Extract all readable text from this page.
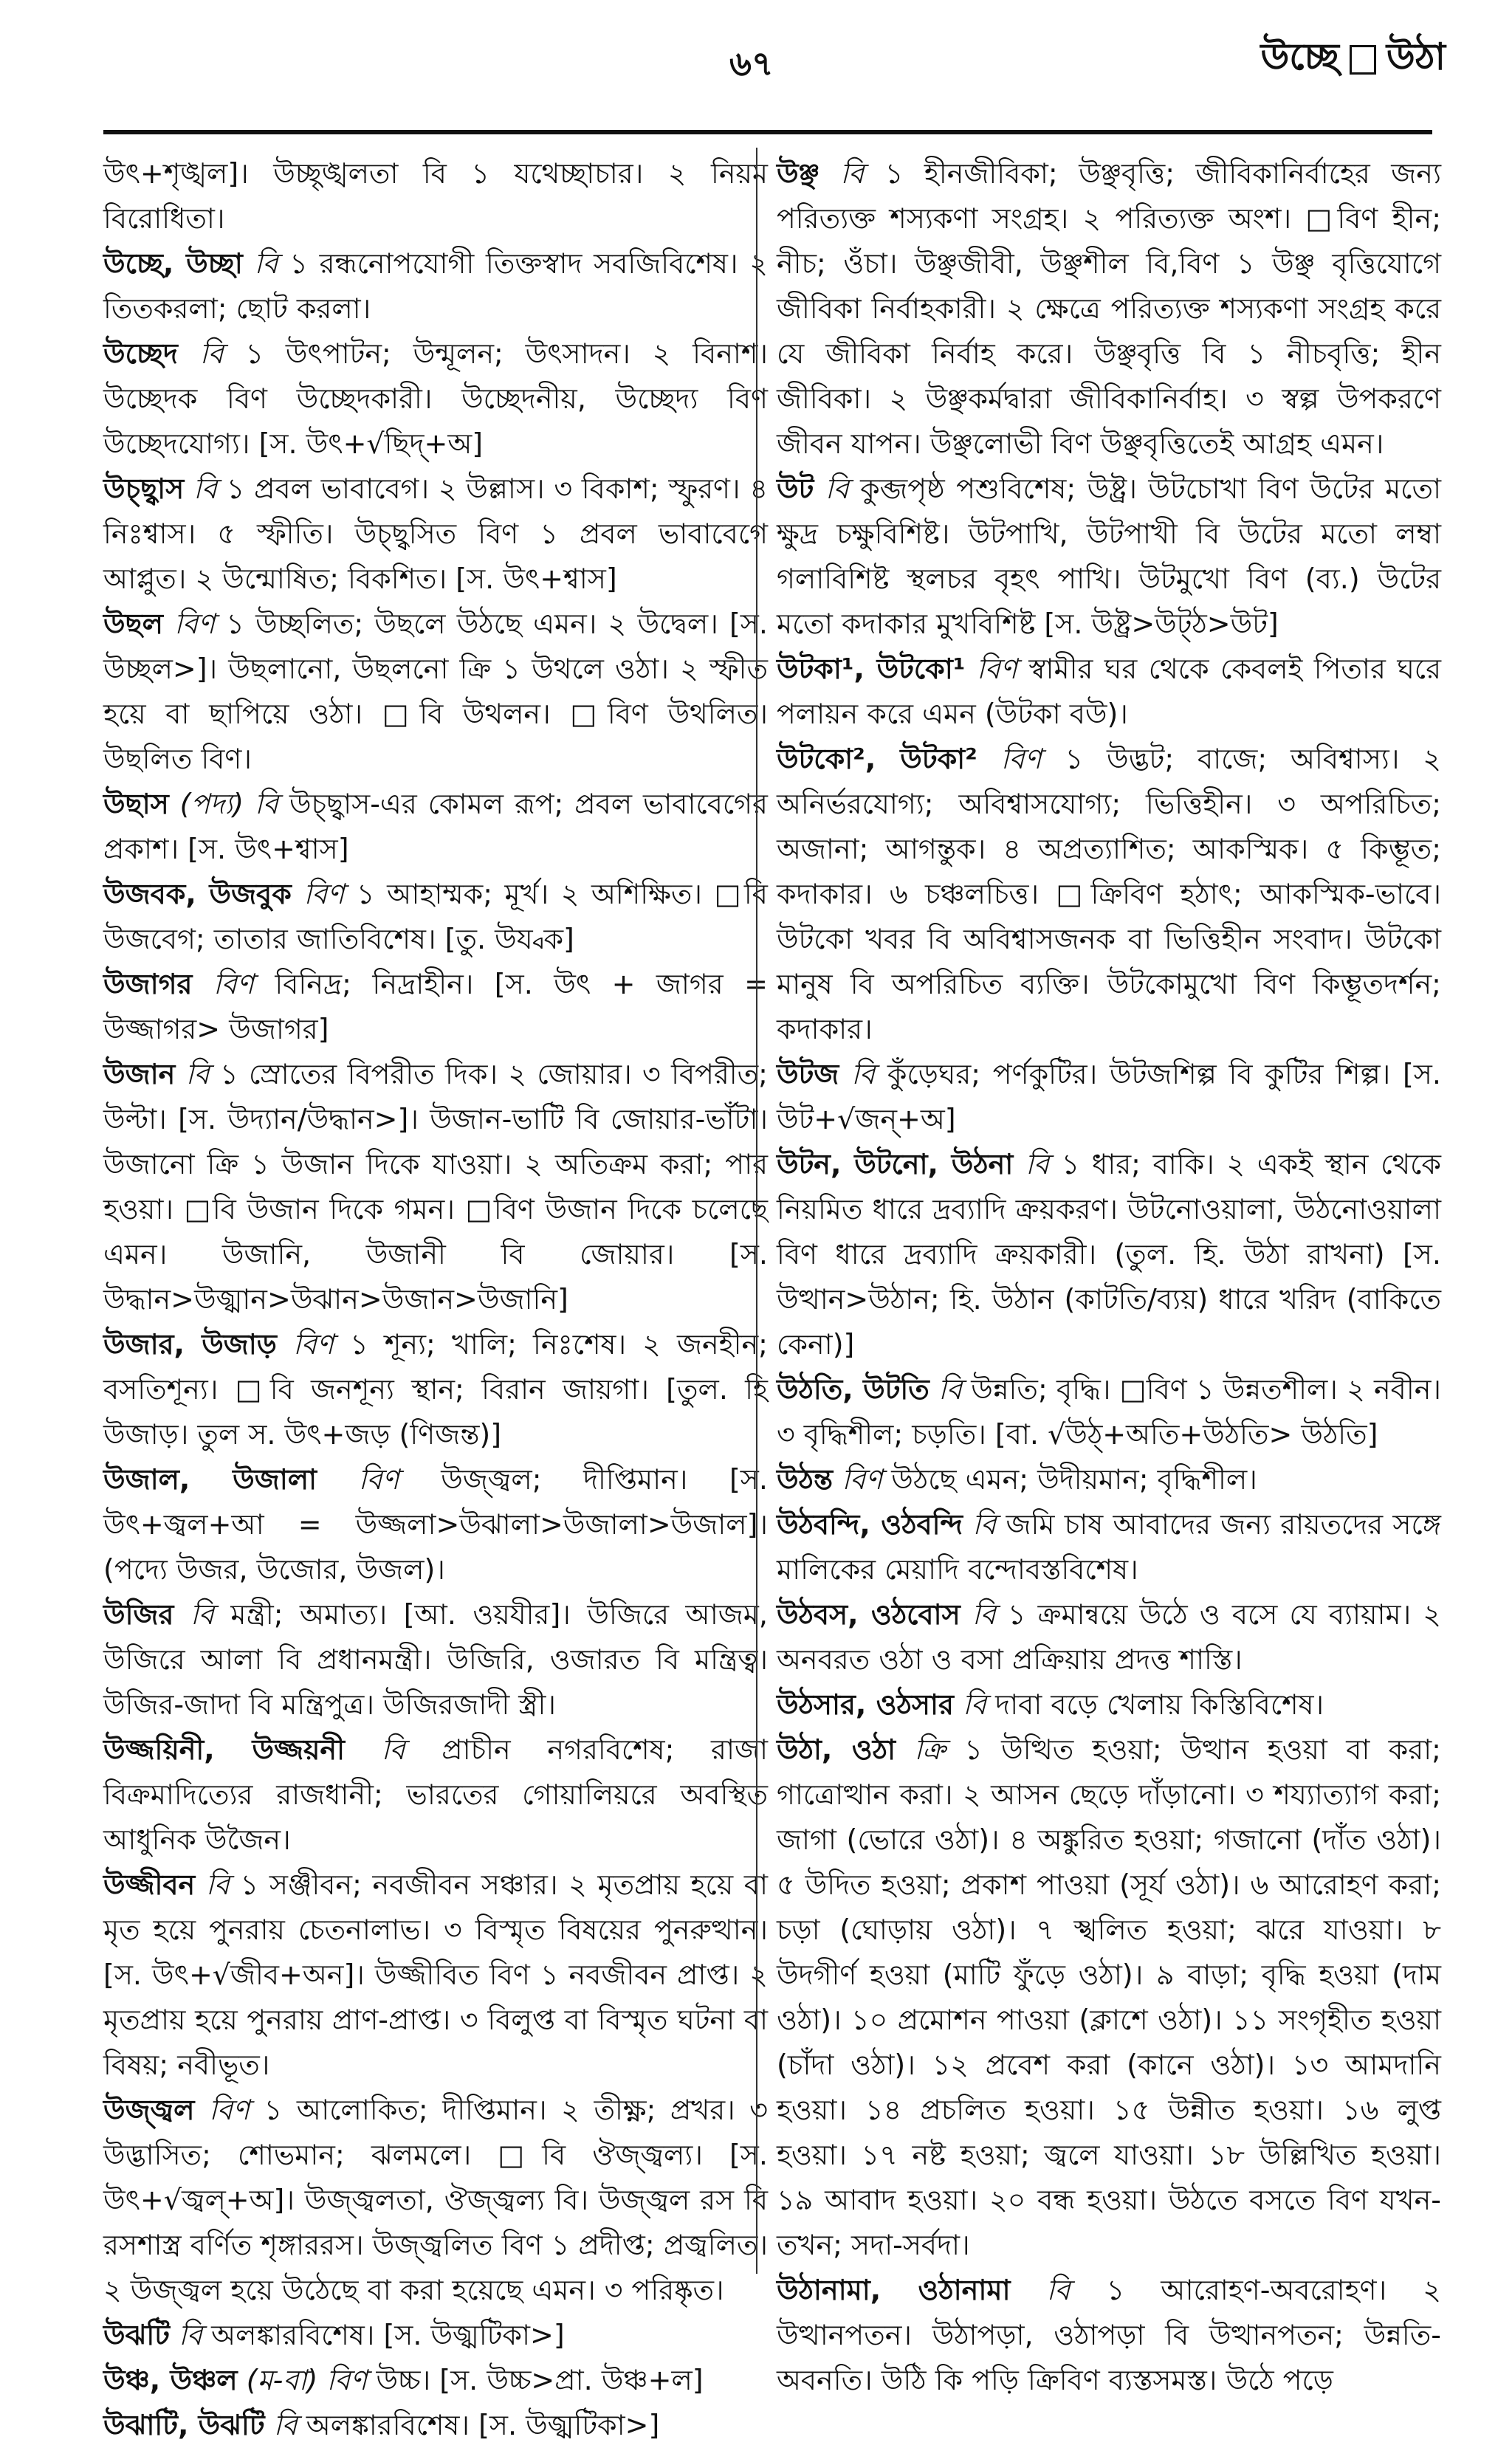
৬৭	উচ্ছে উঠা

উৎ+শৃঙ্খল]। উচ্ছৃঙ্খলতা বি ১ যথেচ্ছাচার। ২ নিয়ম বিরোধিতা।

উচ্ছে, উচ্ছা বি ১ রন্ধনোপযোগী তিক্তস্বাদ সবজিবিশেষ। ২ তিতকরলা; ছোট করলা।

উচ্ছেদ বি ১ উৎপাটন; উন্মূলন; উৎসাদন। ২ বিনাশ। উচ্ছেদক বিণ উচ্ছেদকারী। উচ্ছেদনীয়, উচ্ছেদ্য বিণ উচ্ছেদযোগ্য। [স. উৎ+√ছিদ্+অ]

উচ্ছ্বাস বি ১ প্রবল ভাবাবেগ। ২ উল্লাস। ৩ বিকাশ; স্ফুরণ। ৪ নিঃশ্বাস। ৫ স্ফীতি। উচ্ছ্বসিত বিণ ১ প্রবল ভাবাবেগে আপ্লুত। ২ উন্মোষিত; বিকশিত। [স. উৎ+শ্বাস]

উছল বিণ ১ উচ্ছলিত; উছলে উঠছে এমন। ২ উদ্বেল। [স. উচ্ছল>]। উছলানো, উছলনো ক্রি ১ উথলে ওঠা। ২ স্ফীত হয়ে বা ছাপিয়ে ওঠা। □বি উথলন। □বিণ উথলিত। উছলিত বিণ।

উছাস (পদ্য) বি উচ্ছ্বাস-এর কোমল রূপ; প্রবল ভাবাবেগের প্রকাশ। [স. উৎ+শ্বাস]

উজবক, উজবুক বিণ ১ আহাম্মক; মূর্খ। ২ অশিক্ষিত। □বি উজবেগ; তাতার জাতিবিশেষ। [তু. উয্বক]

উজাগর বিণ বিনিদ্র; নিদ্রাহীন। [স. উৎ + জাগর = উজ্জাগর> উজাগর]

উজান বি ১ স্রোতের বিপরীত দিক। ২ জোয়ার। ৩ বিপরীত; উল্টা। [স. উদ্যান/উদ্ধান>]। উজান-ভাটি বি জোয়ার-ভাঁটা। উজানো ক্রি ১ উজান দিকে যাওয়া। ২ অতিক্রম করা; পার হওয়া। □বি উজান দিকে গমন। □বিণ উজান দিকে চলেছে এমন। উজানি, উজানী বি জোয়ার। [স. উদ্ধান>উজ্ঝান>উঝান>উজান>উজানি]

উজার, উজাড় বিণ ১ শূন্য; খালি; নিঃশেষ। ২ জনহীন; বসতিশূন্য। □বি জনশূন্য স্থান; বিরান জায়গা। [তুল. হি উজাড়। তুল স. উৎ+জড় (ণিজন্ত)]

উজাল, উজালা বিণ উজ্জ্বল; দীপ্তিমান। [স. উৎ+জ্বল+আ = উজ্জলা>উঝালা>উজালা>উজাল]। (পদ্যে উজর, উজোর, উজল)।

উজির বি মন্ত্রী; অমাত্য। [আ. ওয়যীর]। উজিরে আজম, উজিরে আলা বি প্রধানমন্ত্রী। উজিরি, ওজারত বি মন্ত্রিত্ব। উজির-জাদা বি মন্ত্রিপুত্র। উজিরজাদী স্ত্রী।

উজ্জয়িনী, উজ্জয়নী বি প্রাচীন নগরবিশেষ; রাজা বিক্রমাদিত্যের রাজধানী; ভারতের গোয়ালিয়রে অবস্থিত আধুনিক উজৈন।

উজ্জীবন বি ১ সঞ্জীবন; নবজীবন সঞ্চার। ২ মৃতপ্রায় হয়ে বা মৃত হয়ে পুনরায় চেতনালাভ। ৩ বিস্মৃত বিষয়ের পুনরুত্থান। [স. উৎ+√জীব+অন]। উজ্জীবিত বিণ ১ নবজীবন প্রাপ্ত। ২ মৃতপ্রায় হয়ে পুনরায় প্রাণ-প্রাপ্ত। ৩ বিলুপ্ত বা বিস্মৃত ঘটনা বা বিষয়; নবীভূত।

উজ্জ্বল বিণ ১ আলোকিত; দীপ্তিমান। ২ তীক্ষ্ণ; প্রখর। ৩ উদ্ভাসিত; শোভমান; ঝলমলে। □বি ঔজ্জ্বল্য। [স. উৎ+√জ্বল্+অ]। উজ্জ্বলতা, ঔজ্জ্বল্য বি। উজ্জ্বল রস বি রসশাস্ত্র বর্ণিত শৃঙ্গাররস। উজ্জ্বলিত বিণ ১ প্রদীপ্ত; প্রজ্বলিত। ২ উজ্জ্বল হয়ে উঠেছে বা করা হয়েছে এমন। ৩ পরিষ্কৃত।

উঝটি বি অলঙ্কারবিশেষ। [স. উজ্ঝটিকা>]

উঞ্চ, উঞ্চল (ম-বা) বিণ উচ্চ। [স. উচ্চ>প্রা. উঞ্চ+ল]

উঝাটি, উঝটি বি অলঙ্কারবিশেষ। [স. উজ্ঝটিকা>]

উঞ্ছ বি ১ হীনজীবিকা; উঞ্ছবৃত্তি; জীবিকানির্বাহের জন্য পরিত্যক্ত শস্যকণা সংগ্রহ। ২ পরিত্যক্ত অংশ। □বিণ হীন; নীচ; ওঁচা। উঞ্ছজীবী, উঞ্ছশীল বি,বিণ ১ উঞ্ছ বৃত্তিযোগে জীবিকা নির্বাহকারী। ২ ক্ষেত্রে পরিত্যক্ত শস্যকণা সংগ্রহ করে যে জীবিকা নির্বাহ করে। উঞ্ছবৃত্তি বি ১ নীচবৃত্তি; হীন জীবিকা। ২ উঞ্ছকর্মদ্বারা জীবিকানির্বাহ। ৩ স্বল্প উপকরণে জীবন যাপন। উঞ্ছলোভী বিণ উঞ্ছবৃত্তিতেই আগ্রহ এমন।

উট বি কুব্জপৃষ্ঠ পশুবিশেষ; উষ্ট্র। উটচোখা বিণ উটের মতো ক্ষুদ্র চক্ষুবিশিষ্ট। উটপাখি, উটপাখী বি উটের মতো লম্বা গলাবিশিষ্ট স্থলচর বৃহৎ পাখি। উটমুখো বিণ (ব্য.) উটের মতো কদাকার মুখবিশিষ্ট [স. উষ্ট্র>উট্‌ঠ>উট]

উটকা¹, উটকো¹ বিণ স্বামীর ঘর থেকে কেবলই পিতার ঘরে পলায়ন করে এমন (উটকা বউ)।

উটকো², উটকা² বিণ ১ উদ্ভট; বাজে; অবিশ্বাস্য। ২ অনির্ভরযোগ্য; অবিশ্বাসযোগ্য; ভিত্তিহীন। ৩ অপরিচিত; অজানা; আগন্তুক। ৪ অপ্রত্যাশিত; আকস্মিক। ৫ কিম্ভূত; কদাকার। ৬ চঞ্চলচিত্ত। □ক্রিবিণ হঠাৎ; আকস্মিক-ভাবে। উটকো খবর বি অবিশ্বাসজনক বা ভিত্তিহীন সংবাদ। উটকো মানুষ বি অপরিচিত ব্যক্তি। উটকোমুখো বিণ কিম্ভূতদর্শন; কদাকার।

উটজ বি কুঁড়েঘর; পর্ণকুটির। উটজশিল্প বি কুটির শিল্প। [স. উট+√জন্+অ]

উটন, উটনো, উঠনা বি ১ ধার; বাকি। ২ একই স্থান থেকে নিয়মিত ধারে দ্রব্যাদি ক্রয়করণ। উটনোওয়ালা, উঠনোওয়ালা বিণ ধারে দ্রব্যাদি ক্রয়কারী। (তুল. হি. উঠা রাখনা) [স. উত্থান>উঠান; হি. উঠান (কাটতি/ব্যয়) ধারে খরিদ (বাকিতে কেনা)]

উঠতি, উটতি বি উন্নতি; বৃদ্ধি। □বিণ ১ উন্নতশীল। ২ নবীন। ৩ বৃদ্ধিশীল; চড়তি। [বা. √উঠ্+অতি+উঠতি> উঠতি]

উঠন্ত বিণ উঠছে এমন; উদীয়মান; বৃদ্ধিশীল।

উঠবন্দি, ওঠবন্দি বি জমি চাষ আবাদের জন্য রায়তদের সঙ্গে মালিকের মেয়াদি বন্দোবস্তবিশেষ।

উঠবস, ওঠবোস বি ১ ক্রমান্বয়ে উঠে ও বসে যে ব্যায়াম। ২ অনবরত ওঠা ও বসা প্রক্রিয়ায় প্রদত্ত শাস্তি।

উঠসার, ওঠসার বি দাবা বড়ে খেলায় কিস্তিবিশেষ।

উঠা, ওঠা ক্রি ১ উত্থিত হওয়া; উত্থান হওয়া বা করা; গাত্রোত্থান করা। ২ আসন ছেড়ে দাঁড়ানো। ৩ শয্যাত্যাগ করা; জাগা (ভোরে ওঠা)। ৪ অঙ্কুরিত হওয়া; গজানো (দাঁত ওঠা)। ৫ উদিত হওয়া; প্রকাশ পাওয়া (সূর্য ওঠা)। ৬ আরোহণ করা; চড়া (ঘোড়ায় ওঠা)। ৭ স্খলিত হওয়া; ঝরে যাওয়া। ৮ উদগীর্ণ হওয়া (মাটি ফুঁড়ে ওঠা)। ৯ বাড়া; বৃদ্ধি হওয়া (দাম ওঠা)। ১০ প্রমোশন পাওয়া (ক্লাশে ওঠা)। ১১ সংগৃহীত হওয়া (চাঁদা ওঠা)। ১২ প্রবেশ করা (কানে ওঠা)। ১৩ আমদানি হওয়া। ১৪ প্রচলিত হওয়া। ১৫ উন্নীত হওয়া। ১৬ লুপ্ত হওয়া। ১৭ নষ্ট হওয়া; জ্বলে যাওয়া। ১৮ উল্লিখিত হওয়া। ১৯ আবাদ হওয়া। ২০ বন্ধ হওয়া। উঠতে বসতে বিণ যখন-তখন; সদা-সর্বদা।

উঠানামা, ওঠানামা বি ১ আরোহণ-অবরোহণ। ২ উত্থানপতন। উঠাপড়া, ওঠাপড়া বি উত্থানপতন; উন্নতি-অবনতি। উঠি কি পড়ি ক্রিবিণ ব্যস্তসমস্ত। উঠে পড়ে
